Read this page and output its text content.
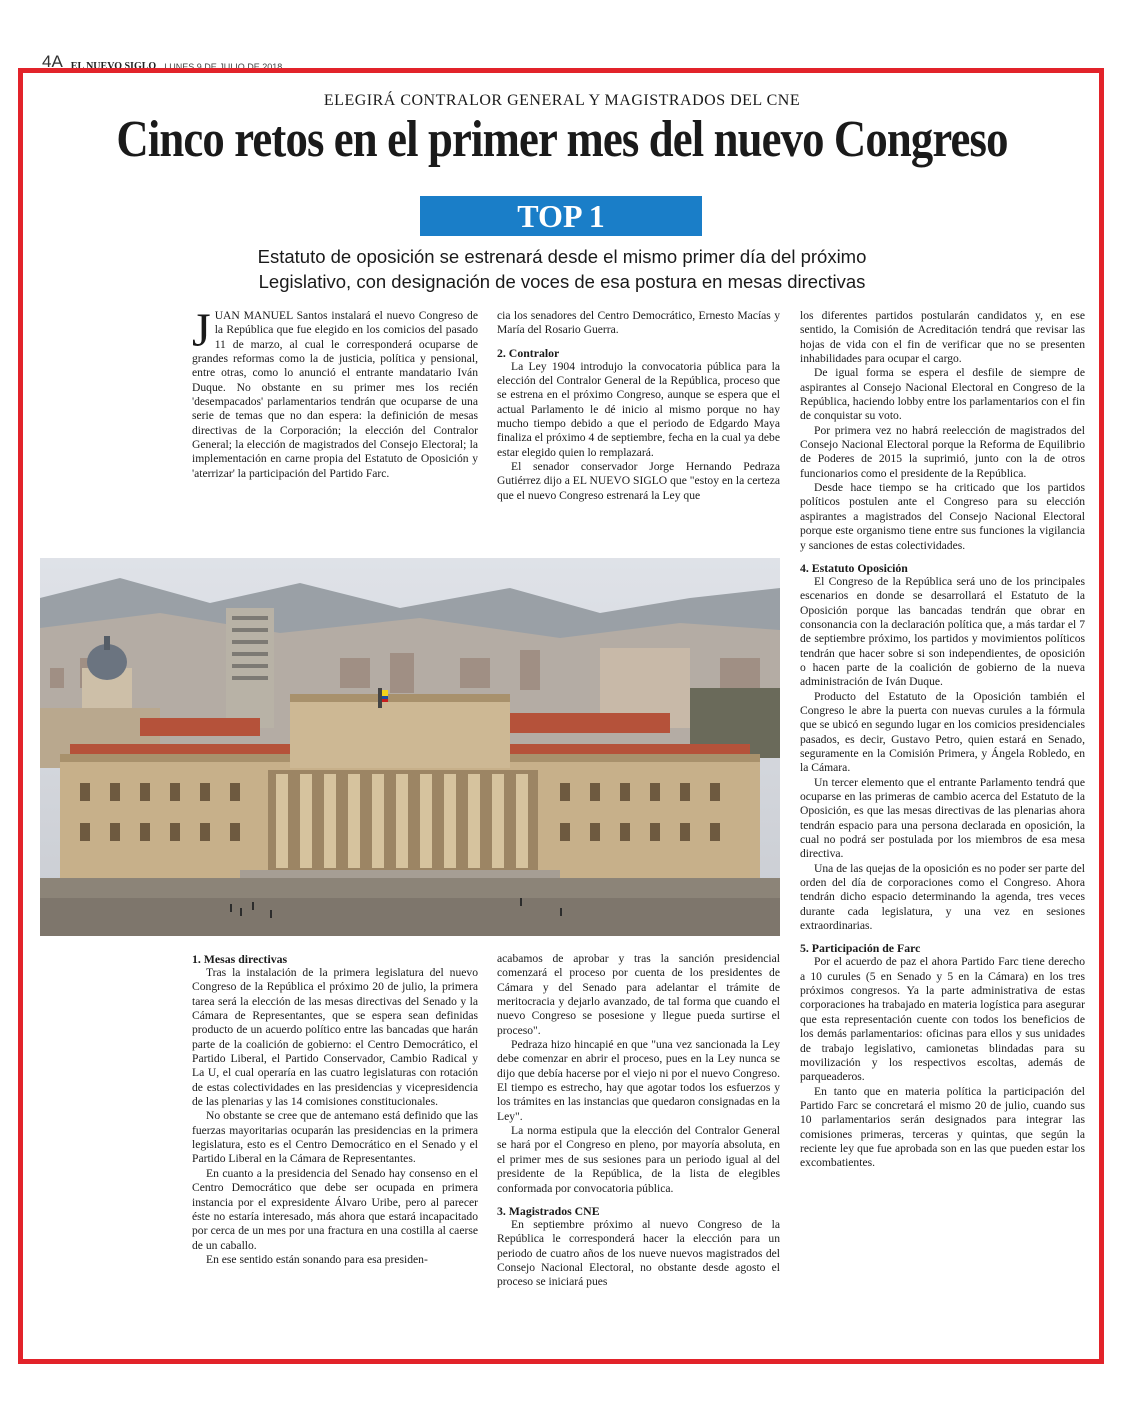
4A EL NUEVO SIGLO LUNES 9 DE JULIO DE 2018
ELEGIRÁ CONTRALOR GENERAL Y MAGISTRADOS DEL CNE
Cinco retos en el primer mes del nuevo Congreso
TOP 1
Estatuto de oposición se estrenará desde el mismo primer día del próximo
Legislativo, con designación de voces de esa postura en mesas directivas

JUAN MANUEL Santos instalará el nuevo Congreso de la República que fue elegido en los comicios del pasado 11 de marzo, al cual le corresponderá ocuparse de grandes reformas como la de justicia, política y pensional, entre otras, como lo anunció el entrante mandatario Iván Duque. No obstante en su primer mes los recién 'desempacados' parlamentarios tendrán que ocuparse de una serie de temas que no dan espera: la definición de mesas directivas de la Corporación; la elección del Contralor General; la elección de magistrados del Consejo Electoral; la implementación en carne propia del Estatuto de Oposición y 'aterrizar' la participación del Partido Farc.

cia los senadores del Centro Democrático, Ernesto Macías y María del Rosario Guerra.

2. Contralor

La Ley 1904 introdujo la convocatoria pública para la elección del Contralor General de la República, proceso que se estrena en el próximo Congreso, aunque se espera que el actual Parlamento le dé inicio al mismo porque no hay mucho tiempo debido a que el periodo de Edgardo Maya finaliza el próximo 4 de septiembre, fecha en la cual ya debe estar elegido quien lo remplazará.

El senador conservador Jorge Hernando Pedraza Gutiérrez dijo a EL NUEVO SIGLO que "estoy en la certeza que el nuevo Congreso estrenará la Ley que

los diferentes partidos postularán candidatos y, en ese sentido, la Comisión de Acreditación tendrá que revisar las hojas de vida con el fin de verificar que no se presenten inhabilidades para ocupar el cargo.

De igual forma se espera el desfile de siempre de aspirantes al Consejo Nacional Electoral en Congreso de la República, haciendo lobby entre los parlamentarios con el fin de conquistar su voto.

Por primera vez no habrá reelección de magistrados del Consejo Nacional Electoral porque la Reforma de Equilibrio de Poderes de 2015 la suprimió, junto con la de otros funcionarios como el presidente de la República.

Desde hace tiempo se ha criticado que los partidos políticos postulen ante el Congreso para su elección aspirantes a magistrados del Consejo Nacional Electoral porque este organismo tiene entre sus funciones la vigilancia y sanciones de estas colectividades.

4. Estatuto Oposición

El Congreso de la República será uno de los principales escenarios en donde se desarrollará el Estatuto de la Oposición porque las bancadas tendrán que obrar en consonancia con la declaración política que, a más tardar el 7 de septiembre próximo, los partidos y movimientos políticos tendrán que hacer sobre si son independientes, de oposición o hacen parte de la coalición de gobierno de la nueva administración de Iván Duque.

Producto del Estatuto de la Oposición también el Congreso le abre la puerta con nuevas curules a la fórmula que se ubicó en segundo lugar en los comicios presidenciales pasados, es decir, Gustavo Petro, quien estará en Senado, seguramente en la Comisión Primera, y Ángela Robledo, en la Cámara.

Un tercer elemento que el entrante Parlamento tendrá que ocuparse en las primeras de cambio acerca del Estatuto de la Oposición, es que las mesas directivas de las plenarias ahora tendrán espacio para una persona declarada en oposición, la cual no podrá ser postulada por los miembros de esa mesa directiva.

Una de las quejas de la oposición es no poder ser parte del orden del día de corporaciones como el Congreso. Ahora tendrán dicho espacio determinando la agenda, tres veces durante cada legislatura, y una vez en sesiones extraordinarias.

5. Participación de Farc

Por el acuerdo de paz el ahora Partido Farc tiene derecho a 10 curules (5 en Senado y 5 en la Cámara) en los tres próximos congresos. Ya la parte administrativa de estas corporaciones ha trabajado en materia logística para asegurar que esta representación cuente con todos los beneficios de los demás parlamentarios: oficinas para ellos y sus unidades de trabajo legislativo, camionetas blindadas para su movilización y los respectivos escoltas, además de parqueaderos.

En tanto que en materia política la participación del Partido Farc se concretará el mismo 20 de julio, cuando sus 10 parlamentarios serán designados para integrar las comisiones primeras, terceras y quintas, que según la reciente ley que fue aprobada son en las que pueden estar los excombatientes.

1. Mesas directivas

Tras la instalación de la primera legislatura del nuevo Congreso de la República el próximo 20 de julio, la primera tarea será la elección de las mesas directivas del Senado y la Cámara de Representantes, que se espera sean definidas producto de un acuerdo político entre las bancadas que harán parte de la coalición de gobierno: el Centro Democrático, el Partido Liberal, el Partido Conservador, Cambio Radical y La U, el cual operaría en las cuatro legislaturas con rotación de estas colectividades en las presidencias y vicepresidencia de las plenarias y las 14 comisiones constitucionales.

No obstante se cree que de antemano está definido que las fuerzas mayoritarias ocuparán las presidencias en la primera legislatura, esto es el Centro Democrático en el Senado y el Partido Liberal en la Cámara de Representantes.

En cuanto a la presidencia del Senado hay consenso en el Centro Democrático que debe ser ocupada en primera instancia por el expresidente Álvaro Uribe, pero al parecer éste no estaría interesado, más ahora que estará incapacitado por cerca de un mes por una fractura en una costilla al caerse de un caballo.

En ese sentido están sonando para esa presiden-

acabamos de aprobar y tras la sanción presidencial comenzará el proceso por cuenta de los presidentes de Cámara y del Senado para adelantar el trámite de meritocracia y dejarlo avanzado, de tal forma que cuando el nuevo Congreso se posesione y llegue pueda surtirse el proceso".

Pedraza hizo hincapié en que "una vez sancionada la Ley debe comenzar en abrir el proceso, pues en la Ley nunca se dijo que debía hacerse por el viejo ni por el nuevo Congreso. El tiempo es estrecho, hay que agotar todos los esfuerzos y los trámites en las instancias que quedaron consignadas en la Ley".

La norma estipula que la elección del Contralor General se hará por el Congreso en pleno, por mayoría absoluta, en el primer mes de sus sesiones para un periodo igual al del presidente de la República, de la lista de elegibles conformada por convocatoria pública.

3. Magistrados CNE

En septiembre próximo al nuevo Congreso de la República le corresponderá hacer la elección para un periodo de cuatro años de los nueve nuevos magistrados del Consejo Nacional Electoral, no obstante desde agosto el proceso se iniciará pues
